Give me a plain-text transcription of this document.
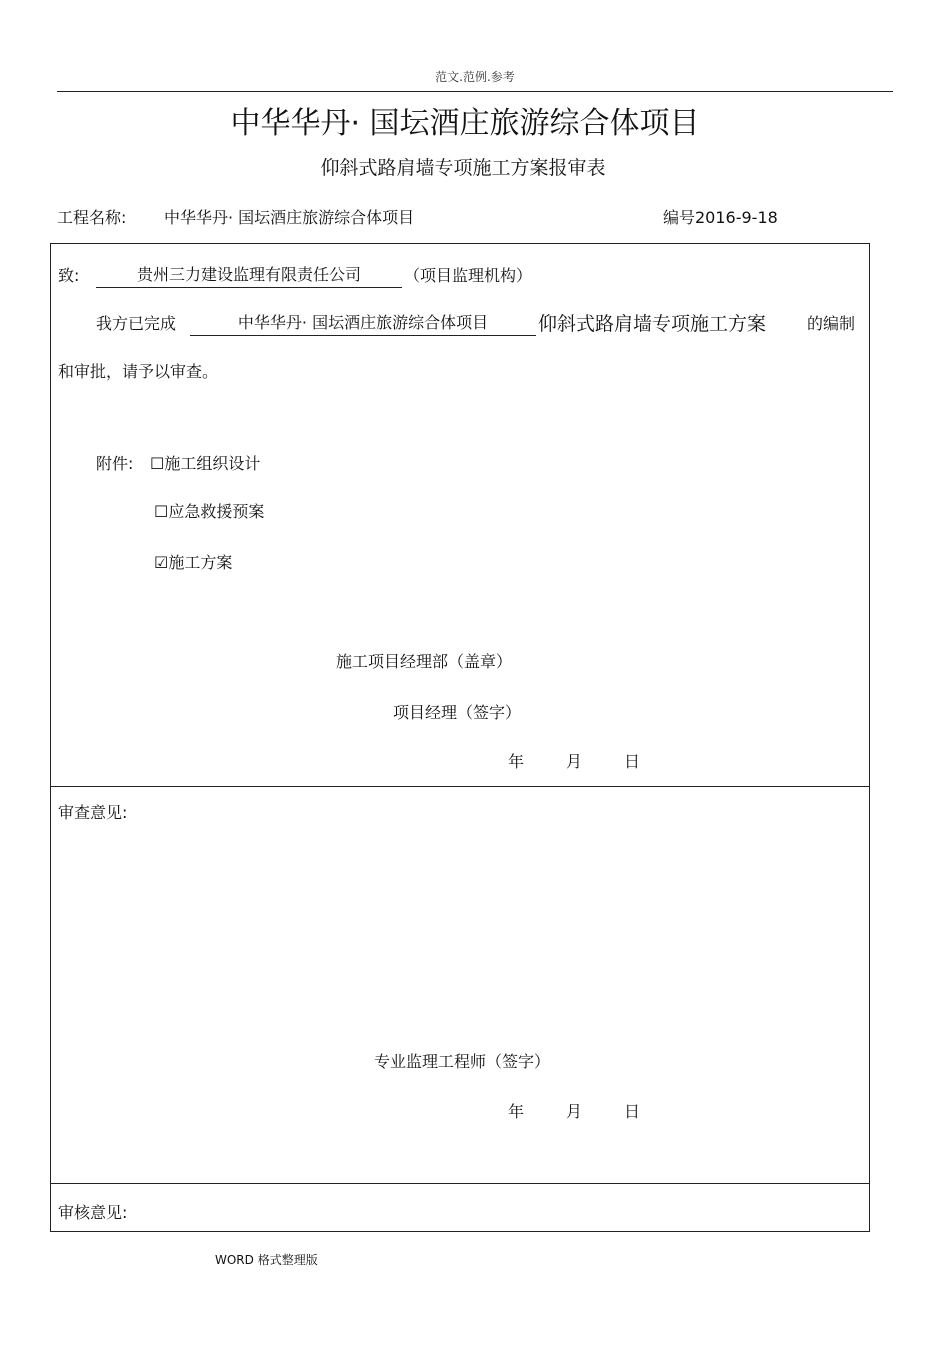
范文.范例.参考
中华华丹· 国坛酒庄旅游综合体项目
仰斜式路肩墙专项施工方案报审表
工程名称: 中华华丹· 国坛酒庄旅游综合体项目	编号2016-9-18
致:	贵州三力建设监理有限责任公司	（项目监理机构）
我方已完成	中华华丹· 国坛酒庄旅游综合体项目	仰斜式路肩墙专项施工方案	的编制
和审批，请予以审查。
附件: ☐施工组织设计
☐应急救援预案
☑施工方案
施工项目经理部（盖章）
项目经理（签字）
年	月	日
审查意见:
专业监理工程师（签字）
年	月	日
审核意见:
WORD 格式整理版
